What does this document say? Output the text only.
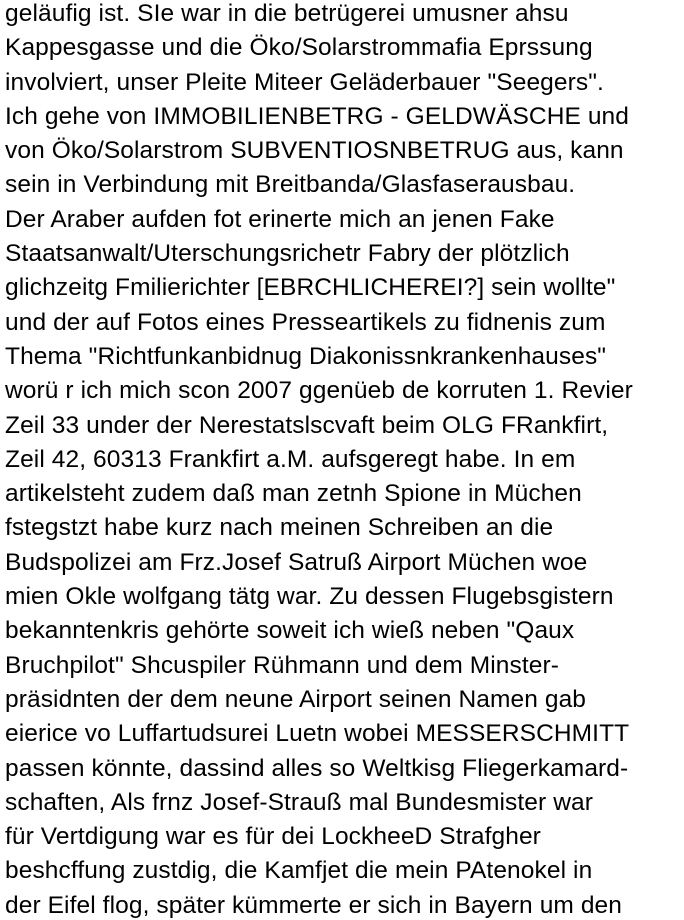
geläufig ist. SIe war in die betrügerei umusner ahsu
Kappesgasse und die Öko/Solarstrommafia Eprssung
involviert, unser Pleite Miteer Geläderbauer "Seegers".
Ich gehe von IMMOBILIENBETRG - GELDWÄSCHE und
von Öko/Solarstrom SUBVENTIOSNBETRUG aus, kann
sein in Verbindung mit Breitbanda/Glasfaserausbau.
Der Araber aufden fot erinerte mich an jenen Fake
Staatsanwalt/Uterschungsrichetr Fabry der plötzlich
glichzeitg Fmilierichter [EBRCHLICHEREI?] sein wollte"
und der auf Fotos eines Presseartikels zu fidnenis zum
Thema "Richtfunkanbidnug Diakonissnkrankenhauses"
worü r ich mich scon 2007 ggenüeb de korruten 1. Revier
Zeil 33 under der Nerestatslscvaft beim OLG FRankfirt,
Zeil 42, 60313 Frankfirt a.M. aufsgeregt habe. In em
artikelsteht zudem daß man zetnh Spione in Müchen
fstegstzt habe kurz nach meinen Schreiben an die
Budspolizei am Frz.Josef Satruß Airport Müchen woe
mien Okle wolfgang tätg war. Zu dessen Flugebsgistern
bekanntenkris gehörte soweit ich wieß neben "Qaux
Bruchpilot" Shcuspiler Rühmann und dem Minster-
präsidnten der dem neune Airport seinen Namen gab
eierice vo Luffartudsurei Luetn wobei MESSERSCHMITT
passen könnte, dassind alles so Weltkisg Fliegerkamard-
schaften, Als frnz Josef-Strauß mal Bundesmister war
für Vertdigung war es für dei LockheeD Strafgher
beshcffung zustdig, die Kamfjet die mein PAtenokel in
der Eifel flog, später kümmerte er sich in Bayern um den
